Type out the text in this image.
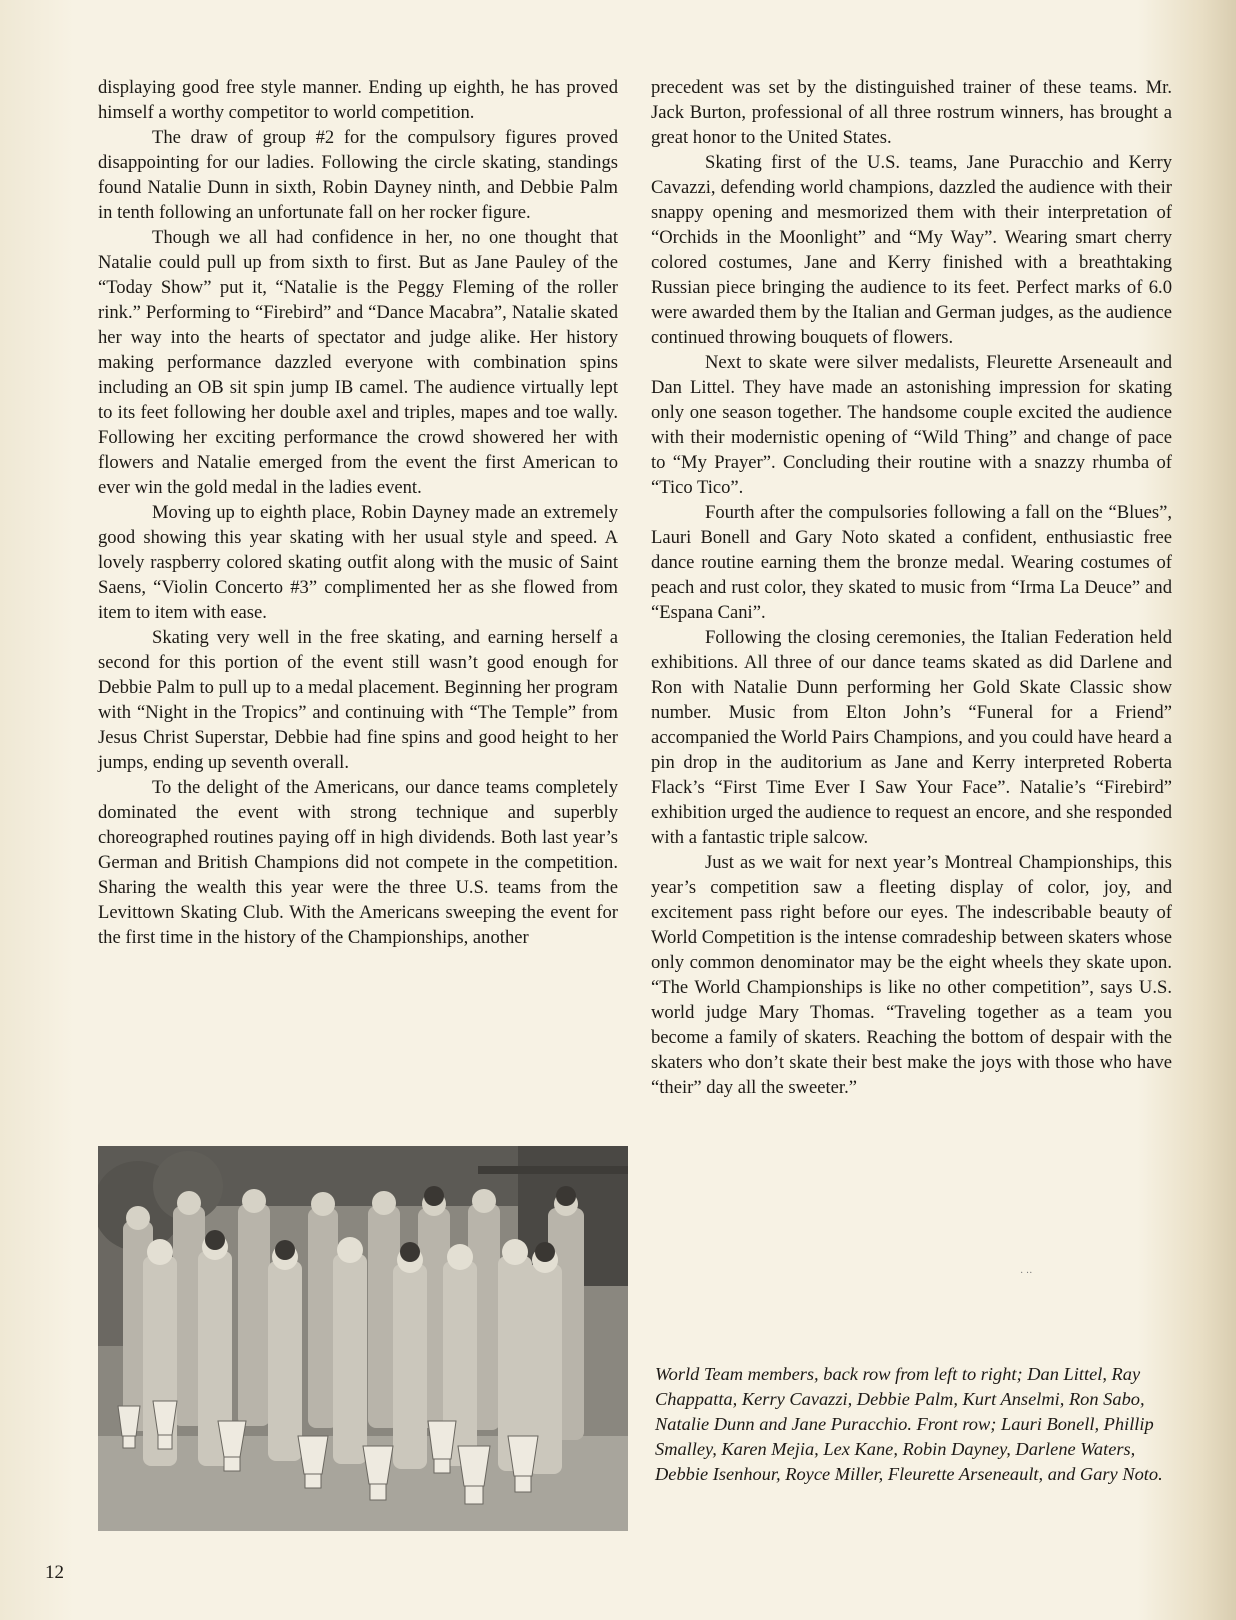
displaying good free style manner. Ending up eighth, he has proved himself a worthy competitor to world competition.

The draw of group #2 for the compulsory figures proved disappointing for our ladies. Following the circle skating, standings found Natalie Dunn in sixth, Robin Dayney ninth, and Debbie Palm in tenth following an unfortunate fall on her rocker figure.

Though we all had confidence in her, no one thought that Natalie could pull up from sixth to first. But as Jane Pauley of the “Today Show” put it, “Natalie is the Peggy Fleming of the roller rink.” Performing to “Firebird” and “Dance Macabra”, Natalie skated her way into the hearts of spectator and judge alike. Her history making performance dazzled everyone with combination spins including an OB sit spin jump IB camel. The audience virtually lept to its feet following her double axel and triples, mapes and toe wally. Following her exciting performance the crowd showered her with flowers and Natalie emerged from the event the first American to ever win the gold medal in the ladies event.

Moving up to eighth place, Robin Dayney made an extremely good showing this year skating with her usual style and speed. A lovely raspberry colored skating outfit along with the music of Saint Saens, “Violin Concerto #3” complimented her as she flowed from item to item with ease.

Skating very well in the free skating, and earning herself a second for this portion of the event still wasn’t good enough for Debbie Palm to pull up to a medal placement. Beginning her program with “Night in the Tropics” and continuing with “The Temple” from Jesus Christ Superstar, Debbie had fine spins and good height to her jumps, ending up seventh overall.

To the delight of the Americans, our dance teams completely dominated the event with strong technique and superbly choreographed routines paying off in high dividends. Both last year’s German and British Champions did not compete in the competition. Sharing the wealth this year were the three U.S. teams from the Levittown Skating Club. With the Americans sweeping the event for the first time in the history of the Championships, another

precedent was set by the distinguished trainer of these teams. Mr. Jack Burton, professional of all three rostrum winners, has brought a great honor to the United States.

Skating first of the U.S. teams, Jane Puracchio and Kerry Cavazzi, defending world champions, dazzled the audience with their snappy opening and mesmorized them with their interpretation of “Orchids in the Moonlight” and “My Way”. Wearing smart cherry colored costumes, Jane and Kerry finished with a breathtaking Russian piece bringing the audience to its feet. Perfect marks of 6.0 were awarded them by the Italian and German judges, as the audience continued throwing bouquets of flowers.

Next to skate were silver medalists, Fleurette Arseneault and Dan Littel. They have made an astonishing impression for skating only one season together. The handsome couple excited the audience with their modernistic opening of “Wild Thing” and change of pace to “My Prayer”. Concluding their routine with a snazzy rhumba of “Tico Tico”.

Fourth after the compulsories following a fall on the “Blues”, Lauri Bonell and Gary Noto skated a confident, enthusiastic free dance routine earning them the bronze medal. Wearing costumes of peach and rust color, they skated to music from “Irma La Deuce” and “Espana Cani”.

Following the closing ceremonies, the Italian Federation held exhibitions. All three of our dance teams skated as did Darlene and Ron with Natalie Dunn performing her Gold Skate Classic show number. Music from Elton John’s “Funeral for a Friend” accompanied the World Pairs Champions, and you could have heard a pin drop in the auditorium as Jane and Kerry interpreted Roberta Flack’s “First Time Ever I Saw Your Face”. Natalie’s “Firebird” exhibition urged the audience to request an encore, and she responded with a fantastic triple salcow.

Just as we wait for next year’s Montreal Championships, this year’s competition saw a fleeting display of color, joy, and excitement pass right before our eyes. The indescribable beauty of World Competition is the intense comradeship between skaters whose only common denominator may be the eight wheels they skate upon. “The World Championships is like no other competition”, says U.S. world judge Mary Thomas. “Traveling together as a team you become a family of skaters. Reaching the bottom of despair with the skaters who don’t skate their best make the joys with those who have “their” day all the sweeter.”

World Team members, back row from left to right; Dan Littel, Ray Chappatta, Kerry Cavazzi, Debbie Palm, Kurt Anselmi, Ron Sabo, Natalie Dunn and Jane Puracchio. Front row; Lauri Bonell, Phillip Smalley, Karen Mejia, Lex Kane, Robin Dayney, Darlene Waters, Debbie Isenhour, Royce Miller, Fleurette Arseneault, and Gary Noto.
· ··
12
